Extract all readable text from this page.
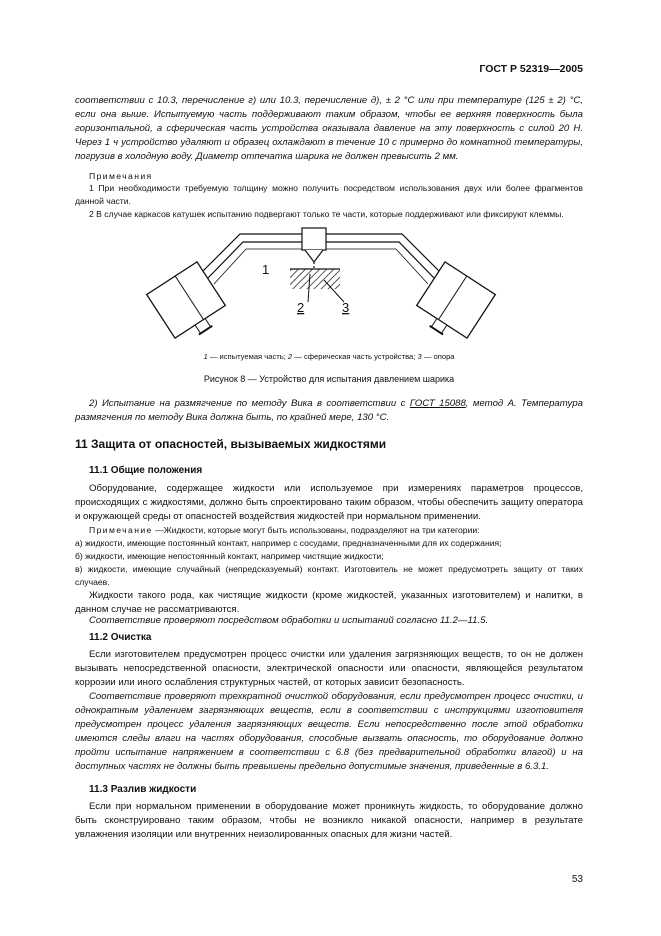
ГОСТ Р 52319—2005

соответствии с 10.3, перечисление г) или 10.3, перечисление д), ± 2 °С или при температуре (125 ± 2) °С, если она выше. Испытуемую часть поддерживают таким образом, чтобы ее верхняя поверхность была горизонтальной, а сферическая часть устройства оказывала давление на эту поверхность с силой 20 Н. Через 1 ч устройство удаляют и образец охлаждают в течение 10 с примерно до комнатной температуры, погрузив в холодную воду. Диаметр отпечатка шарика не должен превысить 2 мм.

Примечания

1 При необходимости требуемую толщину можно получить посредством использования двух или более фрагментов данной части.

2 В случае каркасов катушек испытанию подвергают только те части, которые поддерживают или фиксируют клеммы.

1
2	3

1 — испытуемая часть; 2 — сферическая часть устройства; 3 — опора

Рисунок 8 — Устройство для испытания давлением шарика

2) Испытание на размягчение по методу Вика в соответствии с ГОСТ 15088, метод А. Температура размягчения по методу Вика должна быть, по крайней мере, 130 °С.

11 Защита от опасностей, вызываемых жидкостями
11.1 Общие положения

Оборудование, содержащее жидкости или используемое при измерениях параметров процессов, происходящих с жидкостями, должно быть спроектировано таким образом, чтобы обеспечить защиту оператора и окружающей среды от опасностей воздействия жидкостей при нормальном применении.

Примечание —Жидкости, которые могут быть использованы, подразделяют на три категории:

а) жидкости, имеющие постоянный контакт, например с сосудами, предназначенными для их содержания;

б) жидкости, имеющие непостоянный контакт, например чистящие жидкости;

в) жидкости, имеющие случайный (непредсказуемый) контакт. Изготовитель не может предусмотреть защиту от таких случаев.

Жидкости такого рода, как чистящие жидкости (кроме жидкостей, указанных изготовителем) и напитки, в данном случае не рассматриваются.

Соответствие проверяют посредством обработки и испытаний согласно 11.2—11.5.

11.2 Очистка

Если изготовителем предусмотрен процесс очистки или удаления загрязняющих веществ, то он не должен вызывать непосредственной опасности, электрической опасности или опасности, являющейся результатом коррозии или иного ослабления структурных частей, от которых зависит безопасность.

Соответствие проверяют трехкратной очисткой оборудования, если предусмотрен процесс очистки, и однократным удалением загрязняющих веществ, если в соответствии с инструкциями изготовителя предусмотрен процесс удаления загрязняющих веществ. Если непосредственно после этой обработки имеются следы влаги на частях оборудования, способные вызвать опасность, то оборудование должно пройти испытание напряжением в соответствии с 6.8 (без предварительной обработки влагой) и на доступных частях не должны быть превышены предельно допустимые значения, приведенные в 6.3.1.

11.3 Разлив жидкости

Если при нормальном применении в оборудование может проникнуть жидкость, то оборудование должно быть сконструировано таким образом, чтобы не возникло никакой опасности, например в результате увлажнения изоляции или внутренних неизолированных опасных для жизни частей.

53
